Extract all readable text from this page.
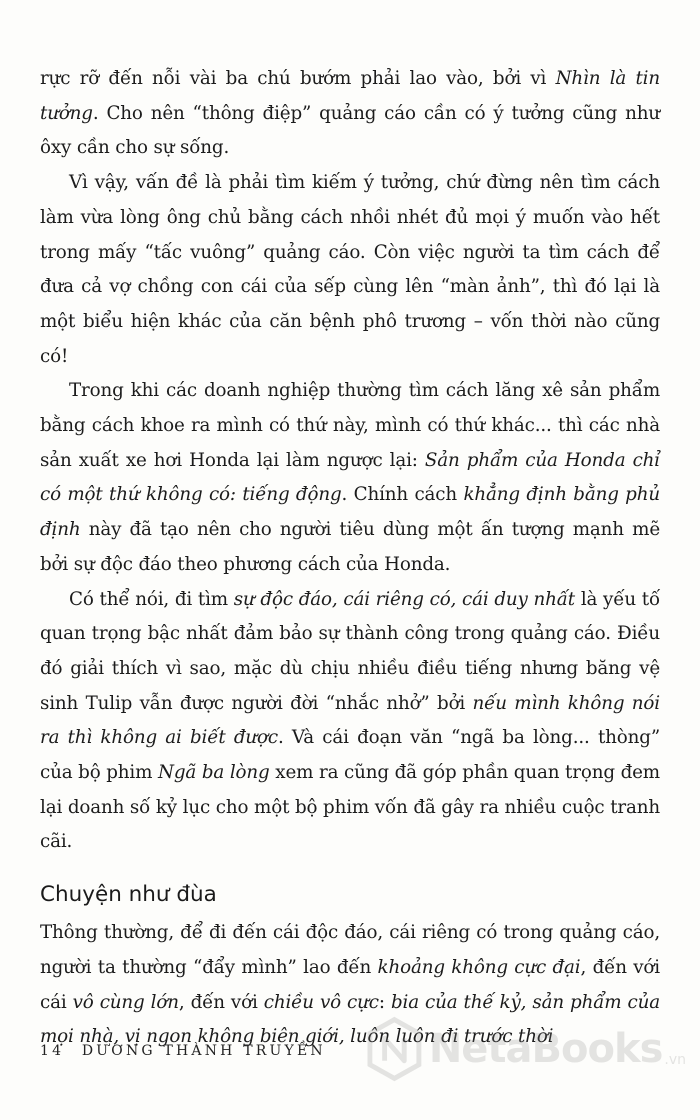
rực rỡ đến nỗi vài ba chú bướm phải lao vào, bởi vì Nhìn là tin tưởng. Cho nên “thông điệp” quảng cáo cần có ý tưởng cũng như ôxy cần cho sự sống.

Vì vậy, vấn đề là phải tìm kiếm ý tưởng, chứ đừng nên tìm cách làm vừa lòng ông chủ bằng cách nhồi nhét đủ mọi ý muốn vào hết trong mấy “tấc vuông” quảng cáo. Còn việc người ta tìm cách để đưa cả vợ chồng con cái của sếp cùng lên “màn ảnh”, thì đó lại là một biểu hiện khác của căn bệnh phô trương – vốn thời nào cũng có!

Trong khi các doanh nghiệp thường tìm cách lăng xê sản phẩm bằng cách khoe ra mình có thứ này, mình có thứ khác... thì các nhà sản xuất xe hơi Honda lại làm ngược lại: Sản phẩm của Honda chỉ có một thứ không có: tiếng động. Chính cách khẳng định bằng phủ định này đã tạo nên cho người tiêu dùng một ấn tượng mạnh mẽ bởi sự độc đáo theo phương cách của Honda.

Có thể nói, đi tìm sự độc đáo, cái riêng có, cái duy nhất là yếu tố quan trọng bậc nhất đảm bảo sự thành công trong quảng cáo. Điều đó giải thích vì sao, mặc dù chịu nhiều điều tiếng nhưng băng vệ sinh Tulip vẫn được người đời “nhắc nhở” bởi nếu mình không nói ra thì không ai biết được. Và cái đoạn văn “ngã ba lòng... thòng” của bộ phim Ngã ba lòng xem ra cũng đã góp phần quan trọng đem lại doanh số kỷ lục cho một bộ phim vốn đã gây ra nhiều cuộc tranh cãi.

Chuyện như đùa

Thông thường, để đi đến cái độc đáo, cái riêng có trong quảng cáo, người ta thường “đẩy mình” lao đến khoảng không cực đại, đến với cái vô cùng lớn, đến với chiều vô cực: bia của thế kỷ, sản phẩm của mọi nhà, vị ngon không biên giới, luôn luôn đi trước thời

14 DƯƠNG THÀNH TRUYỀN	NetaBooks .vn
